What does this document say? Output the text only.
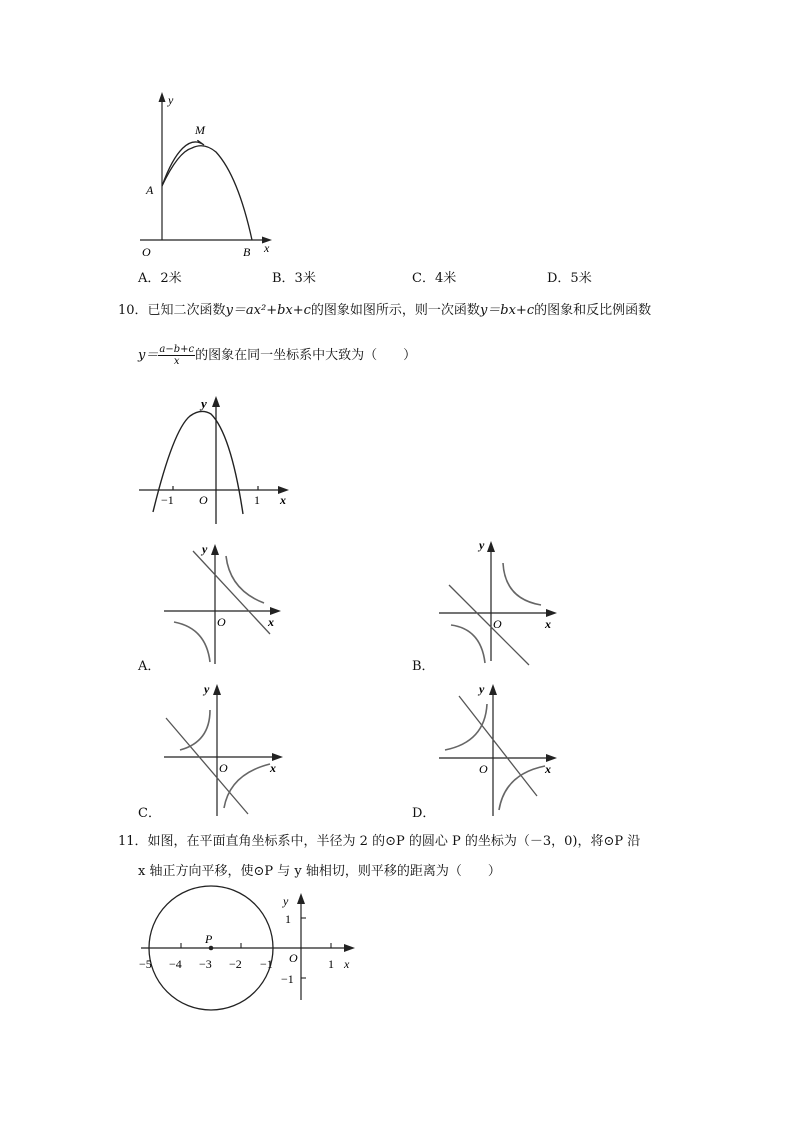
y
M
A
O	B x
A．2米	B．3米	C．4米	D．5米
10．已知二次函数y＝ax²+bx+c的图象如图所示，则一次函数y＝bx+c的图象和反比例函数
$y= \frac{a-b+c}{x}$ 的图象在同一坐标系中大致为（　　）
y
−1 O	1 x
y
O	x
A．
y
O	x
B．
y
O	x
C．
y
O	x
D．
11．如图，在平面直角坐标系中，半径为 2 的⊙P 的圆心 P 的坐标为（－3，0)，将⊙P 沿
x 轴正方向平移，使⊙P 与 y 轴相切，则平移的距离为（　　）
P
y
1
O
−1
−5 −4 −3 −2 −1	1 x
